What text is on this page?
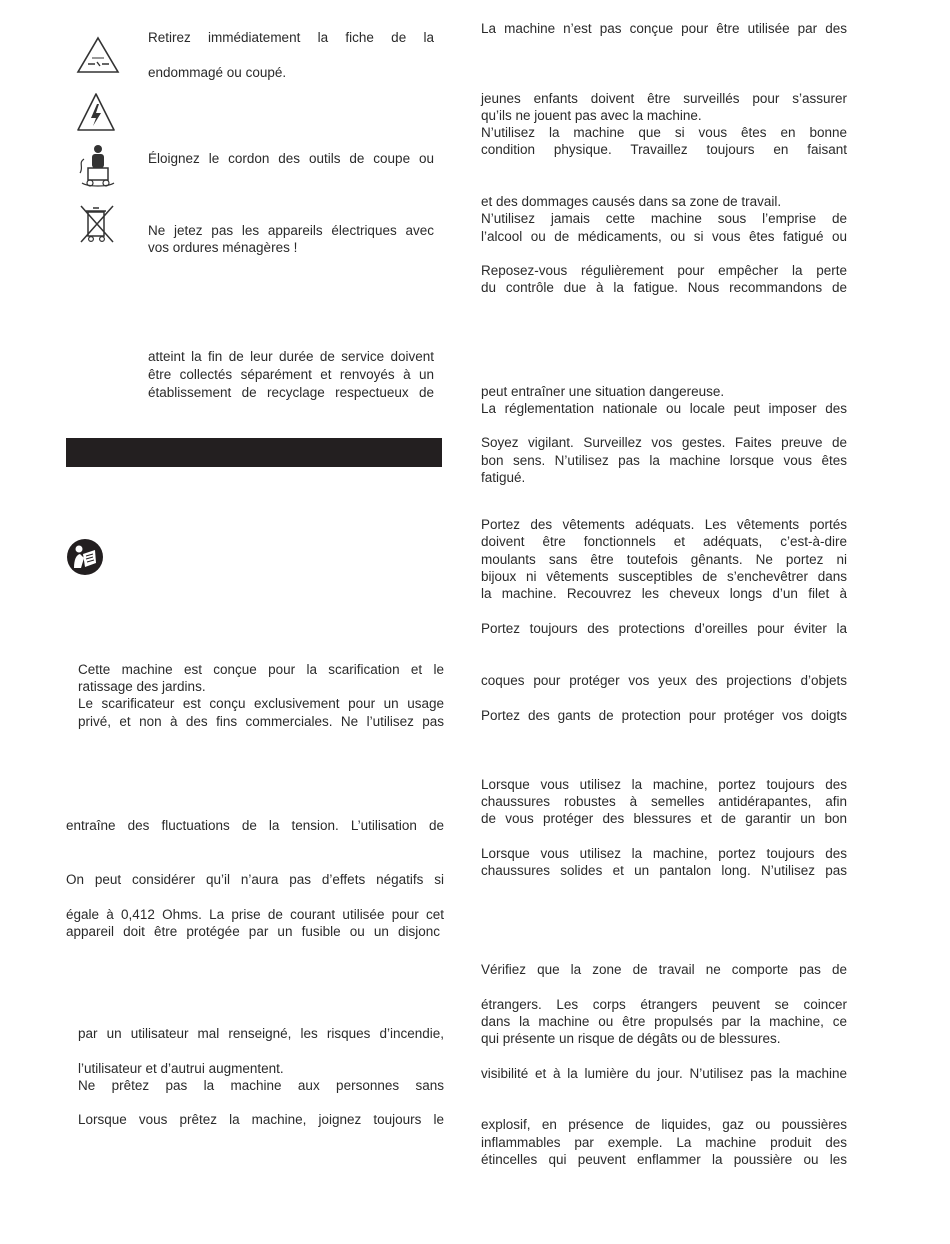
Retirez immédiatement la fiche de la
endommagé ou coupé.
Éloignez le cordon des outils de coupe ou
Ne jetez pas les appareils électriques avec
vos ordures ménagères !
atteint la fin de leur durée de service doivent
être collectés séparément et renvoyés à un
établissement de recyclage respectueux de
Cette machine est conçue pour la scarification et le
ratissage des jardins.
Le scarificateur est conçu exclusivement pour un usage
privé, et non à des fins commerciales. Ne l’utilisez pas
entraîne des fluctuations de la tension. L’utilisation de
On peut considérer qu’il n’aura pas d’effets négatifs si
égale à 0,412 Ohms. La prise de courant utilisée pour cet
appareil doit être protégée par un fusible ou un disjonc
par un utilisateur mal renseigné, les risques d’incendie,
l’utilisateur et d’autrui augmentent.
Ne prêtez pas la machine aux personnes sans
Lorsque vous prêtez la machine, joignez toujours le
La machine n’est pas conçue pour être utilisée par des
jeunes enfants doivent être surveillés pour s’assurer
qu’ils ne jouent pas avec la machine.
N’utilisez la machine que si vous êtes en bonne
condition physique. Travaillez toujours en faisant
et des dommages causés dans sa zone de travail.
N’utilisez jamais cette machine sous l’emprise de
l’alcool ou de médicaments, ou si vous êtes fatigué ou
Reposez-vous régulièrement pour empêcher la perte
du contrôle due à la fatigue. Nous recommandons de
peut entraîner une situation dangereuse.
La réglementation nationale ou locale peut imposer des
Soyez vigilant. Surveillez vos gestes. Faites preuve de
bon sens. N’utilisez pas la machine lorsque vous êtes
fatigué.
Portez des vêtements adéquats. Les vêtements portés
doivent être fonctionnels et adéquats, c’est-à-dire
moulants sans être toutefois gênants. Ne portez ni
bijoux ni vêtements susceptibles de s’enchevêtrer dans
la machine. Recouvrez les cheveux longs d’un filet à
Portez toujours des protections d’oreilles pour éviter la
coques pour protéger vos yeux des projections d’objets
Portez des gants de protection pour protéger vos doigts
Lorsque vous utilisez la machine, portez toujours des
chaussures robustes à semelles antidérapantes, afin
de vous protéger des blessures et de garantir un bon
Lorsque vous utilisez la machine, portez toujours des
chaussures solides et un pantalon long. N’utilisez pas
Vérifiez que la zone de travail ne comporte pas de
étrangers. Les corps étrangers peuvent se coincer
dans la machine ou être propulsés par la machine, ce
qui présente un risque de dégâts ou de blessures.
visibilité et à la lumière du jour. N’utilisez pas la machine
explosif, en présence de liquides, gaz ou poussières
inflammables par exemple. La machine produit des
étincelles qui peuvent enflammer la poussière ou les
